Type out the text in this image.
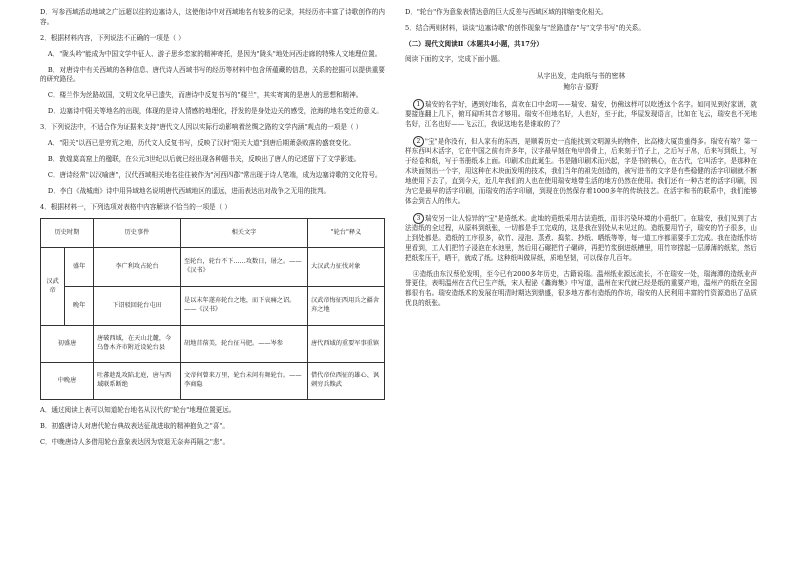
D．写参西域活动地域之广远超以往的边塞诗人，这使他诗中对西域地名有较多的记录，其经历亦丰富了诗歌创作的内容。

2．根据材料内容，下列说法不正确的一项是（ ）

A．"陇头吟"能成为中国文学中征人、游子思乡恋家的精神寄托，是因为"陇头"地处河西走廊的特殊人文地理位置。

B．对唐诗中有关西域的各种信息、唐代诗人西域书写的经历等材料中包含所蕴藏的信息，关系的挖掘可以提供重要的研究路径。

C．楼兰作为丝路故国，文明文化早已遗失，而唐诗中反复书写的"楼兰"，其实寄寓的是唐人的思想和精神。

D．边塞诗中阳关等地名的出现，体现的是诗人情感的地理化，抒发的是身处边关的感受，沧海的地名变迁的意义。

3．下列说法中，不适合作为证据来支持"唐代文人因以实际行动影响着丝绸之路的文学内涵"观点的一项是（ ）

A．"阳关"以西已是穷荒之地，历代文人反复书写，反映了汉时"阳关大道"到唐后期萧条败落的盛衰变化。

B．敦煌莫高窟上的楹联，在公元3世纪以后就已经出现各种题书关，反映出了唐人的记述留下了文学影迹。

C．唐诗经常"以汉喻唐"，汉代西域相关地名往往被作为"河西四郡"常出现于诗人笔端，成为边塞诗歌的文化符号。

D．李白《战城南》诗中用异域地名说明唐代西域地区的遥远，进而表达出对战争之无用的批判。

4．根据材料一，下列选项对表格中内容解读不恰当的一项是（ ）

历史时期		历史事件	相关文字	"轮台"释义
汉武帝	盛年	李广利攻占轮台	至轮台，轮台不下……攻数日，屠之。——《汉书》	大汉武力征伐对象
	晚年	下诏驳回轮台屯田	是以末年遂弃轮台之地，而下哀痛之诏。——《汉书》	汉武帝悔征西用兵之疆舍弃之地
初盛唐		唐破西域，在天山北麓，今乌鲁木齐市附近设轮台县	胡地苜蓿美，轮台征马肥。——岑参	唐代西域的重要军事重镇
中晚唐		吐蕃趁乱攻陷北庭，唐与西域联系断绝	文帝何曾来万里，轮台未问有舞轮台。——李商隐	借代帝位西征的雄心、讽刺穷兵黩武

A．通过阅读上表可以知道轮台地名从汉代的"轮台"地理位置更远。

B．初盛唐诗人对唐代轮台典故表达征战进取的精神抱负之"喜"。

C．中晚唐诗人多借用轮台意象表达因为衰退无奈奔再隔之"悲"。

D．"轮台"作为意象表情达意的巨大反差与西域区域的抑缩变化相关。

5．结合两则材料，谈谈"边塞诗歌"的创作现象与"丝路遗存"与"文学书写"的关系。

（二）现代文阅读Ⅱ（本题共4小题，共17分）

阅读下面的文字，完成下面小题。

从字出发，走向纸与书的密林

鲍尔吉·原野

1 瑞安的名字好，遇到好地名，喜欢在口中念叨——瑞安、瑞安，仿佛这样可以吃透这个名字。如同见到好家谱，就要接连翻上几下，俯耳闻听其音才够用。瑞安不但地名好，人也好，至于此，华屋发现语言，比如在飞云，瑞安也不光地名好，江名也好——飞云江，我说这地名是谁取的了？

2 "宝"是你没有，但人家有的东西，是顺着历史一直能找到文明源头的物件，比高楼大厦贵重得多。瑞安有啥？第一样东西叫木活字，它在中国之前有许多年，汉字最早刻在龟甲兽骨上，后来刻于竹子上，之后写于帛，后来写到纸上，写于经卷和纸，写于书册纸本上面。印刷术由此诞生。书是随印刷术而兴起，字是书的核心，在古代，它叫活字，是那种在木块面刻出一个字，用这种在木块面发明的技术，我们当年的祖先创造的，被写进书的文字是有些稳健的活字印刷就不断地使用下去了，直到今天，近几年我们的人也在使用瑞安地带生活的地方仍然在使用。我们还有一种古老的活字印刷，因为它是最早的活字印刷，而瑞安的活字印刷，到现在仍然保存着1000多年的传统技艺。在活字和书的联系中，我们能够体会到古人的伟大。

3 瑞安另一让人惊异的"宝"是造纸术。此地的造纸采用古法造纸，而非污染环境的小造纸厂。在瑞安，我们见到了古法造纸的全过程，从原料到纸张，一切都是手工完成的，这是我在别处从未见过的。造纸要用竹子，瑞安的竹子很多，山上到处都是。造纸的工序很多，砍竹、浸泡、蒸煮、捣浆、抄纸、晒纸等等，每一道工序都需要手工完成。我在造纸作坊里看到，工人们把竹子浸泡在水池里，然后用石碾把竹子碾碎，再把竹浆倒进纸槽里，用竹帘捞起一层薄薄的纸浆，然后把纸浆压干，晒干，就成了纸。这种纸叫做屏纸，质地坚韧，可以保存几百年。

④造纸由东汉蔡伦发明，至今已有2000多年历史，古籍说瑞。温州纸业源远流长，不在瑞安一处，瑞海潭的造纸业声誉更佳，表明温州在古代已生产纸，宋人程泌《蠡海集》中写道，温州在宋代就已经是纸的重要产地，温州产的纸在全国都很有名。瑞安造纸术的发展在明清时期达到鼎盛，很多地方都有造纸的作坊，瑞安的人民利用丰富的竹资源造出了品质优良的纸张。
